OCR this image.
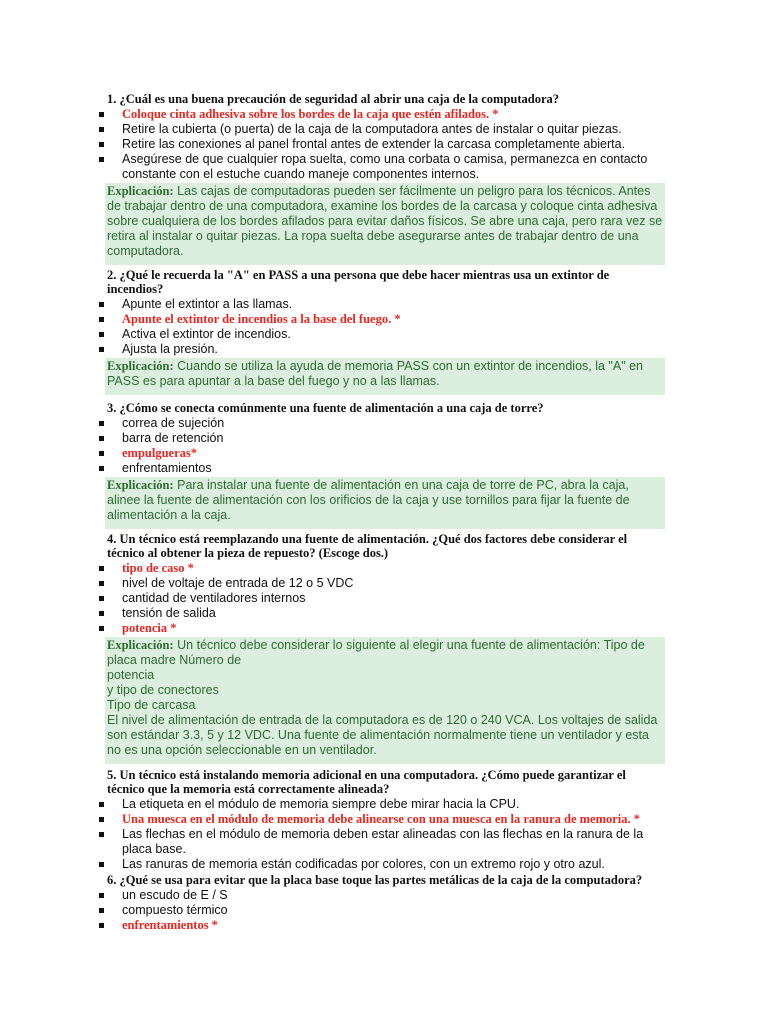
1. ¿Cuál es una buena precaución de seguridad al abrir una caja de la computadora?
Coloque cinta adhesiva sobre los bordes de la caja que estén afilados. *
Retire la cubierta (o puerta) de la caja de la computadora antes de instalar o quitar piezas.
Retire las conexiones al panel frontal antes de extender la carcasa completamente abierta.
Asegúrese de que cualquier ropa suelta, como una corbata o camisa, permanezca en contacto constante con el estuche cuando maneje componentes internos.
Explicación: Las cajas de computadoras pueden ser fácilmente un peligro para los técnicos. Antes de trabajar dentro de una computadora, examine los bordes de la carcasa y coloque cinta adhesiva sobre cualquiera de los bordes afilados para evitar daños físicos. Se abre una caja, pero rara vez se retira al instalar o quitar piezas. La ropa suelta debe asegurarse antes de trabajar dentro de una computadora.
2. ¿Qué le recuerda la "A" en PASS a una persona que debe hacer mientras usa un extintor de incendios?
Apunte el extintor a las llamas.
Apunte el extintor de incendios a la base del fuego. *
Activa el extintor de incendios.
Ajusta la presión.
Explicación: Cuando se utiliza la ayuda de memoria PASS con un extintor de incendios, la "A" en PASS es para apuntar a la base del fuego y no a las llamas.
3. ¿Cómo se conecta comúnmente una fuente de alimentación a una caja de torre?
correa de sujeción
barra de retención
empulgueras*
enfrentamientos
Explicación: Para instalar una fuente de alimentación en una caja de torre de PC, abra la caja, alinee la fuente de alimentación con los orificios de la caja y use tornillos para fijar la fuente de alimentación a la caja.
4. Un técnico está reemplazando una fuente de alimentación. ¿Qué dos factores debe considerar el técnico al obtener la pieza de repuesto? (Escoge dos.)
tipo de caso *
nivel de voltaje de entrada de 12 o 5 VDC
cantidad de ventiladores internos
tensión de salida
potencia *
Explicación: Un técnico debe considerar lo siguiente al elegir una fuente de alimentación: Tipo de placa madre Número de
potencia
y tipo de conectores
Tipo de carcasa
El nivel de alimentación de entrada de la computadora es de 120 o 240 VCA. Los voltajes de salida son estándar 3.3, 5 y 12 VDC. Una fuente de alimentación normalmente tiene un ventilador y esta no es una opción seleccionable en un ventilador.
5. Un técnico está instalando memoria adicional en una computadora. ¿Cómo puede garantizar el técnico que la memoria está correctamente alineada?
La etiqueta en el módulo de memoria siempre debe mirar hacia la CPU.
Una muesca en el módulo de memoria debe alinearse con una muesca en la ranura de memoria. *
Las flechas en el módulo de memoria deben estar alineadas con las flechas en la ranura de la placa base.
Las ranuras de memoria están codificadas por colores, con un extremo rojo y otro azul.
6. ¿Qué se usa para evitar que la placa base toque las partes metálicas de la caja de la computadora?
un escudo de E / S
compuesto térmico
enfrentamientos *
